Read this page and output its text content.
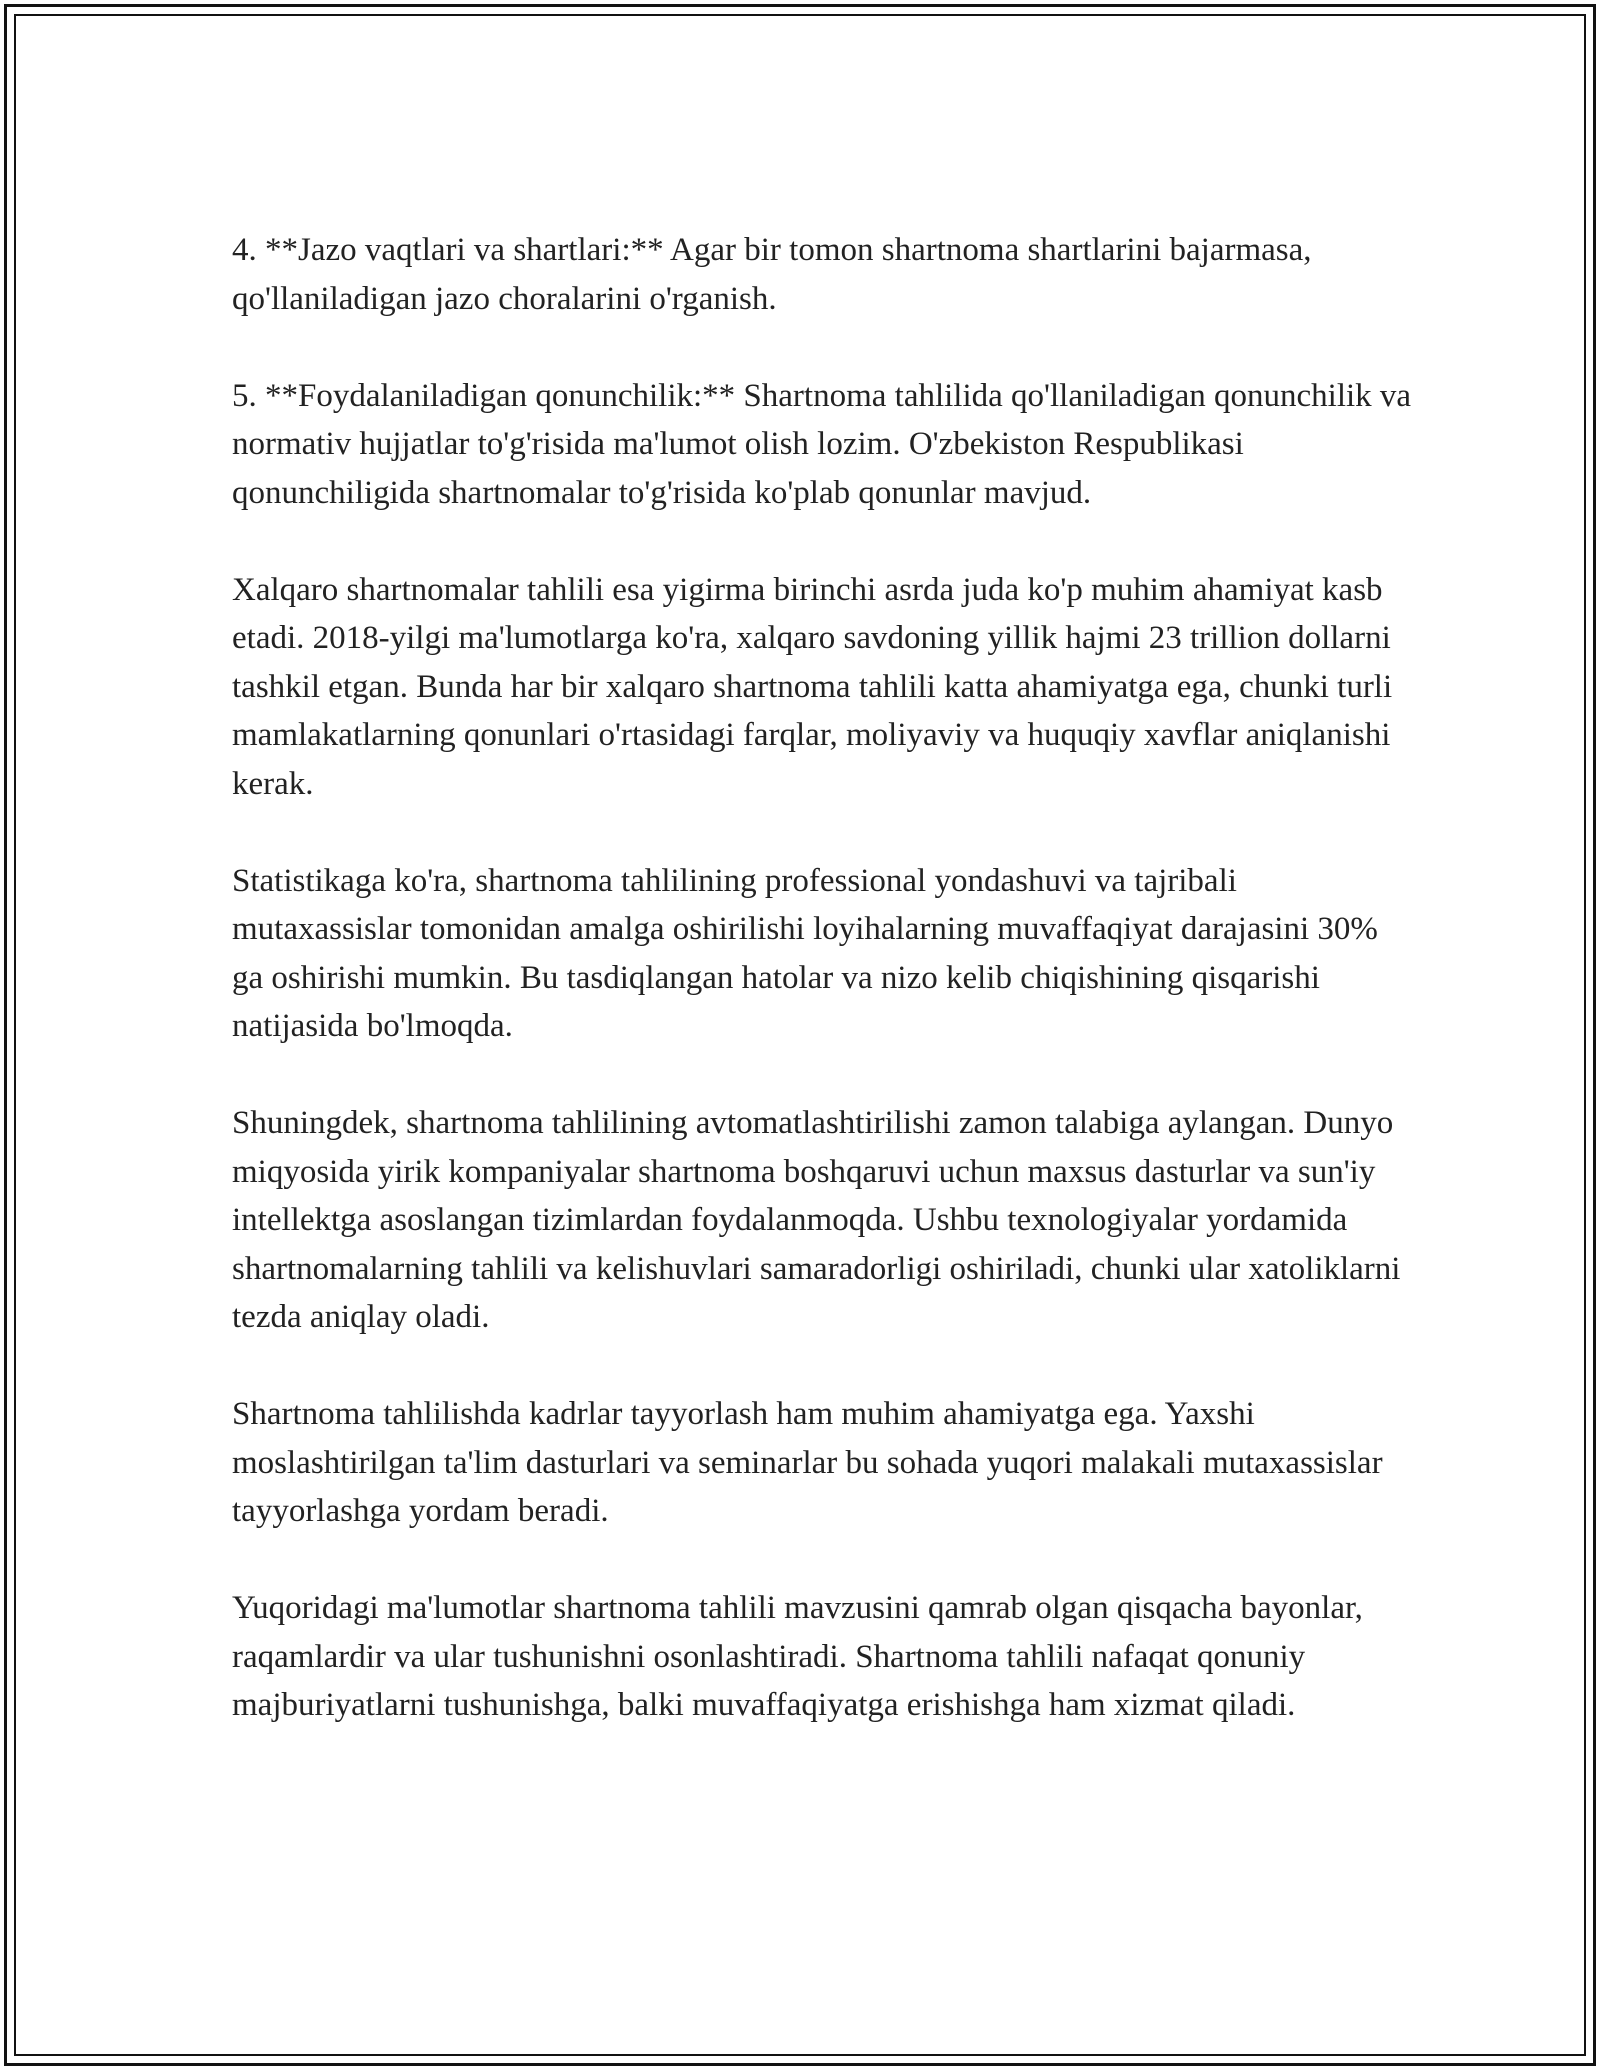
4. **Jazo vaqtlari va shartlari:** Agar bir tomon shartnoma shartlarini bajarmasa, qo'llaniladigan jazo choralarini o'rganish.

5. **Foydalaniladigan qonunchilik:** Shartnoma tahlilida qo'llaniladigan qonunchilik va normativ hujjatlar to'g'risida ma'lumot olish lozim. O'zbekiston Respublikasi qonunchiligida shartnomalar to'g'risida ko'plab qonunlar mavjud.

Xalqaro shartnomalar tahlili esa yigirma birinchi asrda juda ko'p muhim ahamiyat kasb etadi. 2018-yilgi ma'lumotlarga ko'ra, xalqaro savdoning yillik hajmi 23 trillion dollarni tashkil etgan. Bunda har bir xalqaro shartnoma tahlili katta ahamiyatga ega, chunki turli mamlakatlarning qonunlari o'rtasidagi farqlar, moliyaviy va huquqiy xavflar aniqlanishi kerak.

Statistikaga ko'ra, shartnoma tahlilining professional yondashuvi va tajribali mutaxassislar tomonidan amalga oshirilishi loyihalarning muvaffaqiyat darajasini 30% ga oshirishi mumkin. Bu tasdiqlangan hatolar va nizo kelib chiqishining qisqarishi natijasida bo'lmoqda.

Shuningdek, shartnoma tahlilining avtomatlashtirilishi zamon talabiga aylangan. Dunyo miqyosida yirik kompaniyalar shartnoma boshqaruvi uchun maxsus dasturlar va sun'iy intellektga asoslangan tizimlardan foydalanmoqda. Ushbu texnologiyalar yordamida shartnomalarning tahlili va kelishuvlari samaradorligi oshiriladi, chunki ular xatoliklarni tezda aniqlay oladi.

Shartnoma tahlilishda kadrlar tayyorlash ham muhim ahamiyatga ega. Yaxshi moslashtirilgan ta'lim dasturlari va seminarlar bu sohada yuqori malakali mutaxassislar tayyorlashga yordam beradi.

Yuqoridagi ma'lumotlar shartnoma tahlili mavzusini qamrab olgan qisqacha bayonlar, raqamlardir va ular tushunishni osonlashtiradi. Shartnoma tahlili nafaqat qonuniy majburiyatlarni tushunishga, balki muvaffaqiyatga erishishga ham xizmat qiladi.
